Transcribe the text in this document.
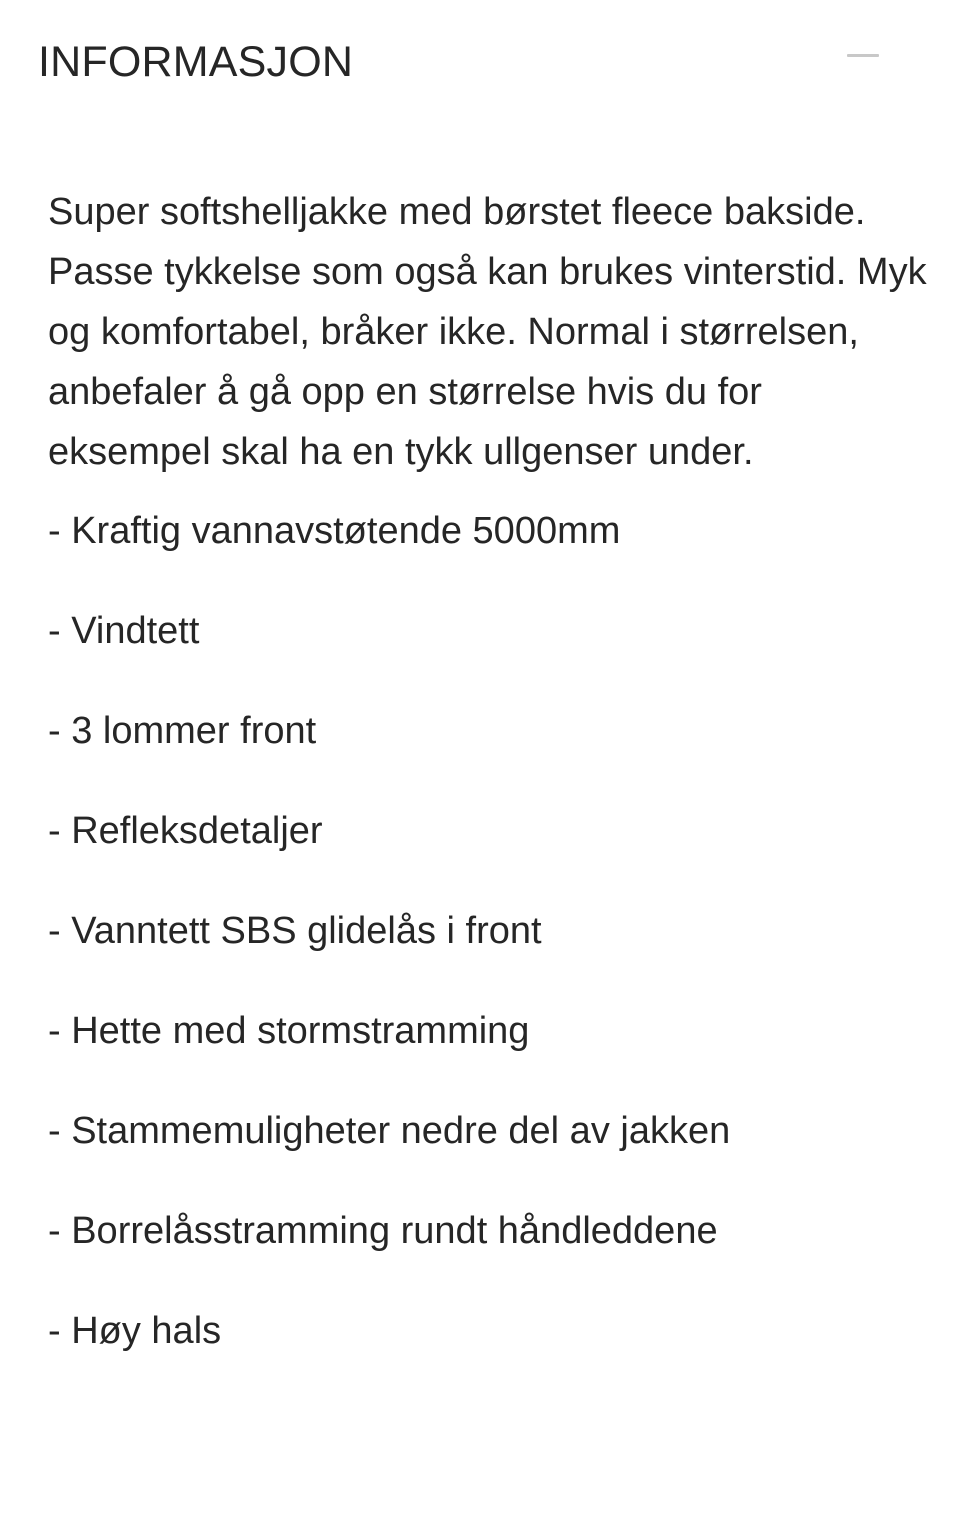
INFORMASJON

Super softshelljakke med børstet fleece bakside. Passe tykkelse som også kan brukes vinterstid. Myk og komfortabel, bråker ikke. Normal i størrelsen, anbefaler å gå opp en størrelse hvis du for eksempel skal ha en tykk ullgenser under.

- Kraftig vannavstøtende 5000mm
- Vindtett
- 3 lommer front
- Refleksdetaljer
- Vanntett SBS glidelås i front
- Hette med stormstramming
- Stammemuligheter nedre del av jakken
- Borrelåsstramming rundt håndleddene
- Høy hals
